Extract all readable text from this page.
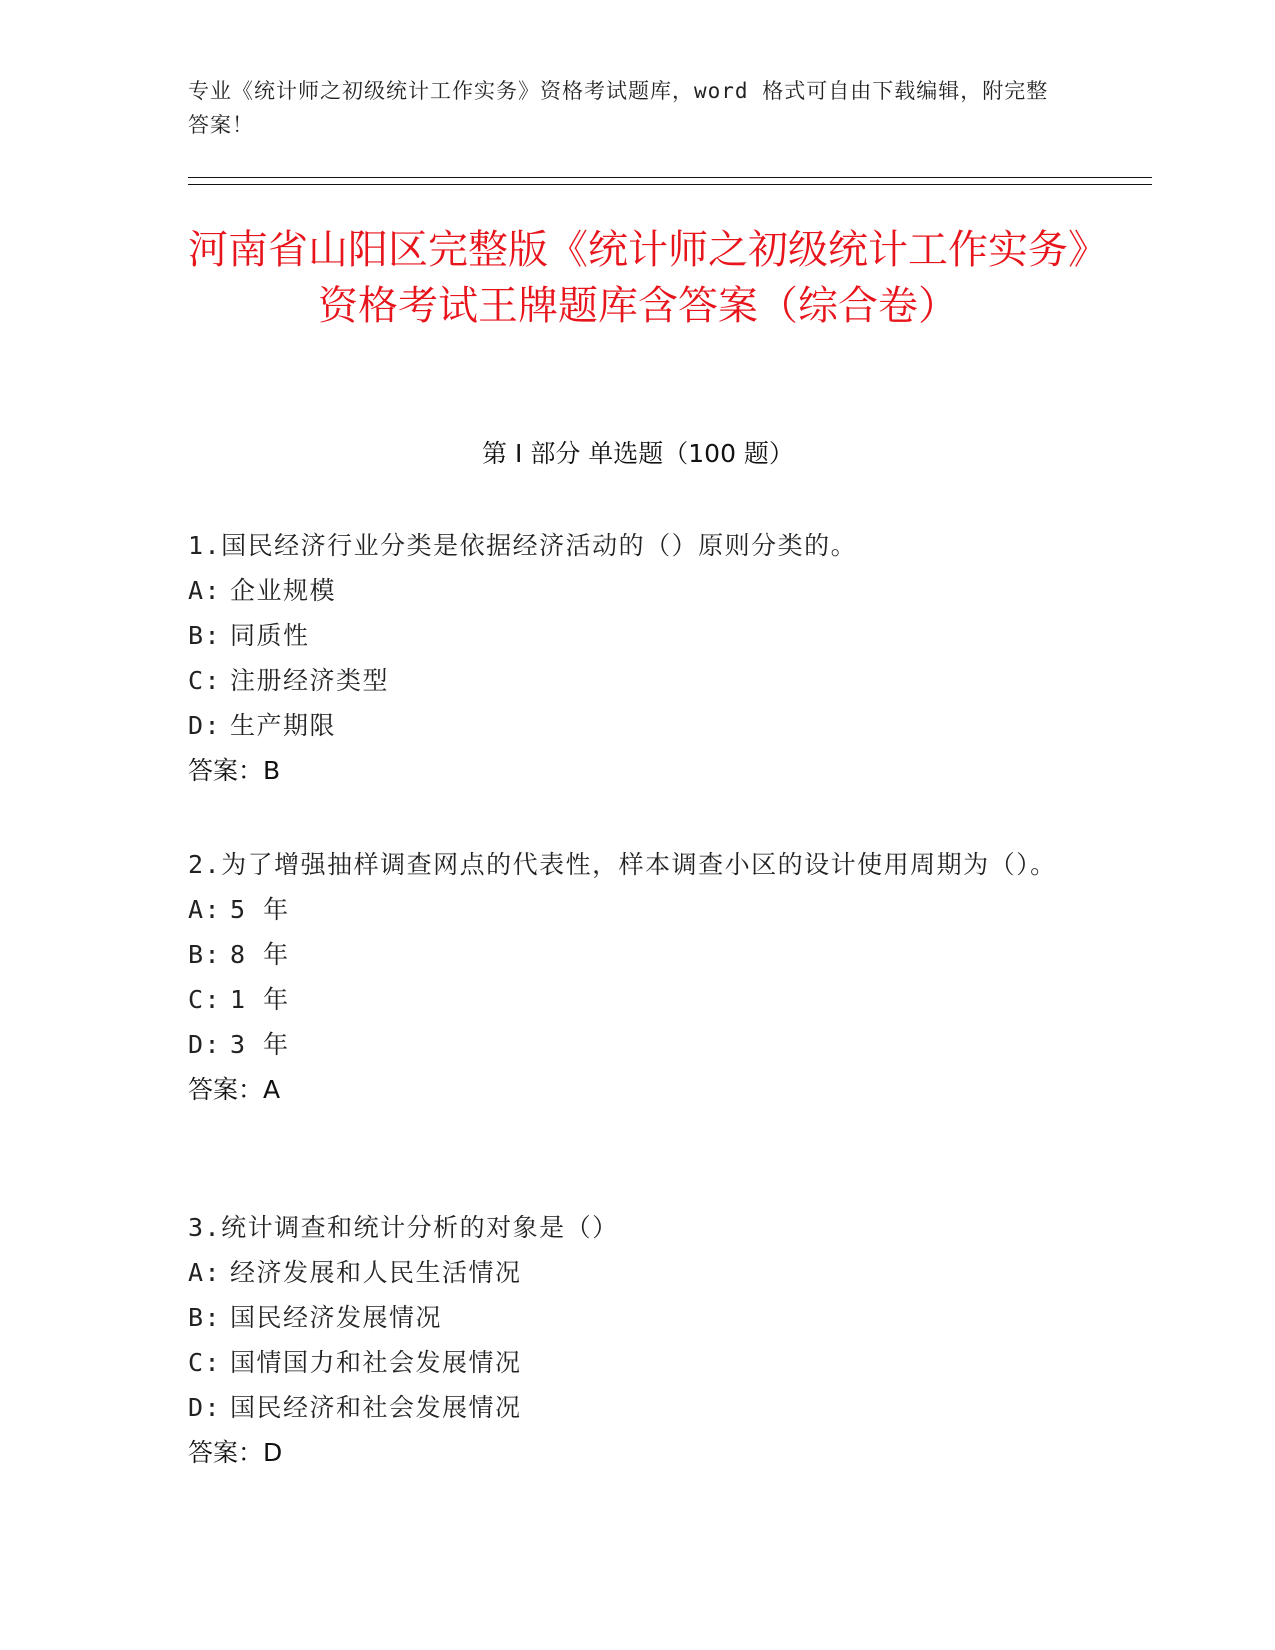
专业《统计师之初级统计工作实务》资格考试题库，word 格式可自由下载编辑，附完整答案！
河南省山阳区完整版《统计师之初级统计工作实务》资格考试王牌题库含答案（综合卷）
第 I 部分 单选题（100 题）
1.国民经济行业分类是依据经济活动的（）原则分类的。
A: 企业规模
B: 同质性
C: 注册经济类型
D: 生产期限
答案：B
2.为了增强抽样调查网点的代表性，样本调查小区的设计使用周期为（）。
A: 5 年
B: 8 年
C: 1 年
D: 3 年
答案：A
3.统计调查和统计分析的对象是（）
A: 经济发展和人民生活情况
B: 国民经济发展情况
C: 国情国力和社会发展情况
D: 国民经济和社会发展情况
答案：D
